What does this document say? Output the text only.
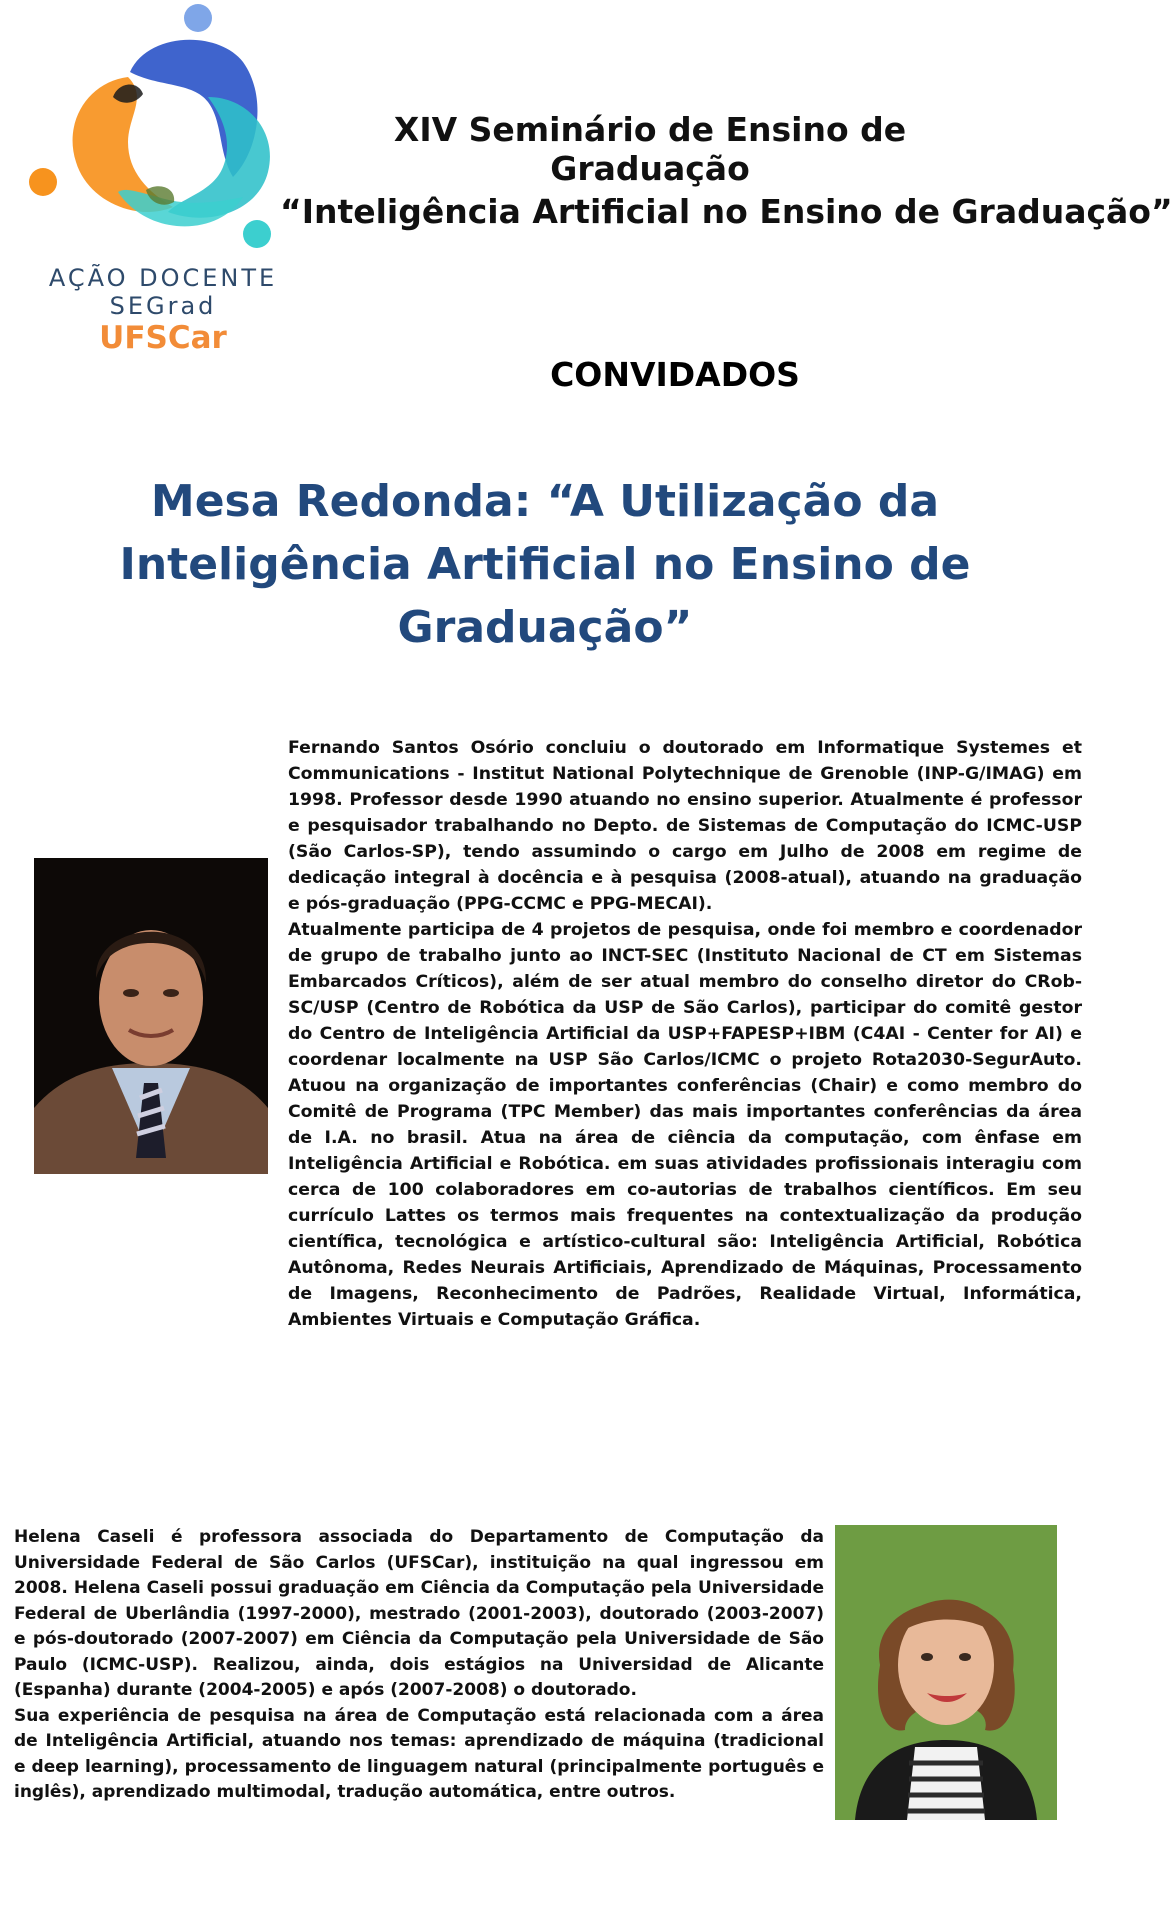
AÇÃO DOCENTE
SEGrad
UFSCar
XIV Seminário de Ensino de Graduação
“Inteligência Artificial no Ensino de Graduação”
CONVIDADOS
Mesa Redonda: “A Utilização da Inteligência Artificial no Ensino de Graduação”

Fernando Santos Osório concluiu o doutorado em Informatique Systemes et Communications - Institut National Polytechnique de Grenoble (INP-G/IMAG) em 1998. Professor desde 1990 atuando no ensino superior. Atualmente é professor e pesquisador trabalhando no Depto. de Sistemas de Computação do ICMC-USP (São Carlos-SP), tendo assumindo o cargo em Julho de 2008 em regime de dedicação integral à docência e à pesquisa (2008-atual), atuando na graduação e pós-graduação (PPG-CCMC e PPG-MECAI).

Atualmente participa de 4 projetos de pesquisa, onde foi membro e coordenador de grupo de trabalho junto ao INCT-SEC (Instituto Nacional de CT em Sistemas Embarcados Críticos), além de ser atual membro do conselho diretor do CRob-SC/USP (Centro de Robótica da USP de São Carlos), participar do comitê gestor do Centro de Inteligência Artificial da USP+FAPESP+IBM (C4AI - Center for AI) e coordenar localmente na USP São Carlos/ICMC o projeto Rota2030-SegurAuto. Atuou na organização de importantes conferências (Chair) e como membro do Comitê de Programa (TPC Member) das mais importantes conferências da área de I.A. no brasil. Atua na área de ciência da computação, com ênfase em Inteligência Artificial e Robótica. em suas atividades profissionais interagiu com cerca de 100 colaboradores em co-autorias de trabalhos científicos. Em seu currículo Lattes os termos mais frequentes na contextualização da produção científica, tecnológica e artístico-cultural são: Inteligência Artificial, Robótica Autônoma, Redes Neurais Artificiais, Aprendizado de Máquinas, Processamento de Imagens, Reconhecimento de Padrões, Realidade Virtual, Informática, Ambientes Virtuais e Computação Gráfica.

Helena Caseli é professora associada do Departamento de Computação da Universidade Federal de São Carlos (UFSCar), instituição na qual ingressou em 2008. Helena Caseli possui graduação em Ciência da Computação pela Universidade Federal de Uberlândia (1997-2000), mestrado (2001-2003), doutorado (2003-2007) e pós-doutorado (2007-2007) em Ciência da Computação pela Universidade de São Paulo (ICMC-USP). Realizou, ainda, dois estágios na Universidad de Alicante (Espanha) durante (2004-2005) e após (2007-2008) o doutorado.

Sua experiência de pesquisa na área de Computação está relacionada com a área de Inteligência Artificial, atuando nos temas: aprendizado de máquina (tradicional e deep learning), processamento de linguagem natural (principalmente português e inglês), aprendizado multimodal, tradução automática, entre outros.
